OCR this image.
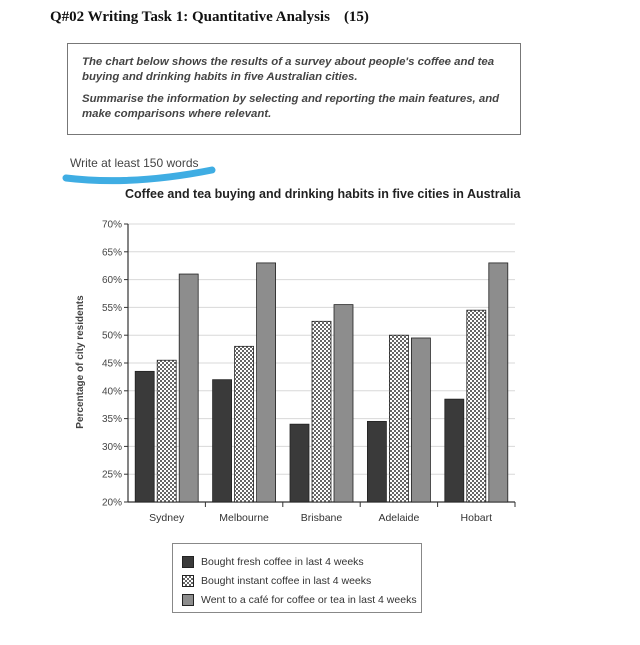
Q#02 Writing Task 1: Quantitative Analysis (15)

The chart below shows the results of a survey about people's coffee and tea buying and drinking habits in five Australian cities.

Summarise the information by selecting and reporting the main features, and make comparisons where relevant.

Write at least 150 words
Coffee and tea buying and drinking habits in five cities in Australia
20%
25%
30%
35%
40%
45%
50%
55%
60%
65%
70%
Sydney	Melbourne	Brisbane	Adelaide	Hobart
Percentage of city residents
Bought fresh coffee in last 4 weeks
Bought instant coffee in last 4 weeks
Went to a café for coffee or tea in last 4 weeks
